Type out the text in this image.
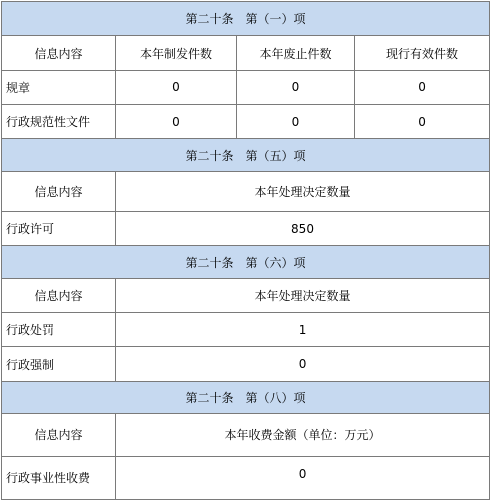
第二十条　第（一）项			
信息内容	本年制发件数	本年废止件数	现行有效件数
规章	0	0	0
行政规范性文件	0	0	0
第二十条　第（五）项			
信息内容	本年处理决定数量		
行政许可	850		
第二十条　第（六）项			
信息内容	本年处理决定数量		
行政处罚	1		
行政强制	0		
第二十条　第（八）项			
信息内容	本年收费金额（单位：万元）		
行政事业性收费	0		
